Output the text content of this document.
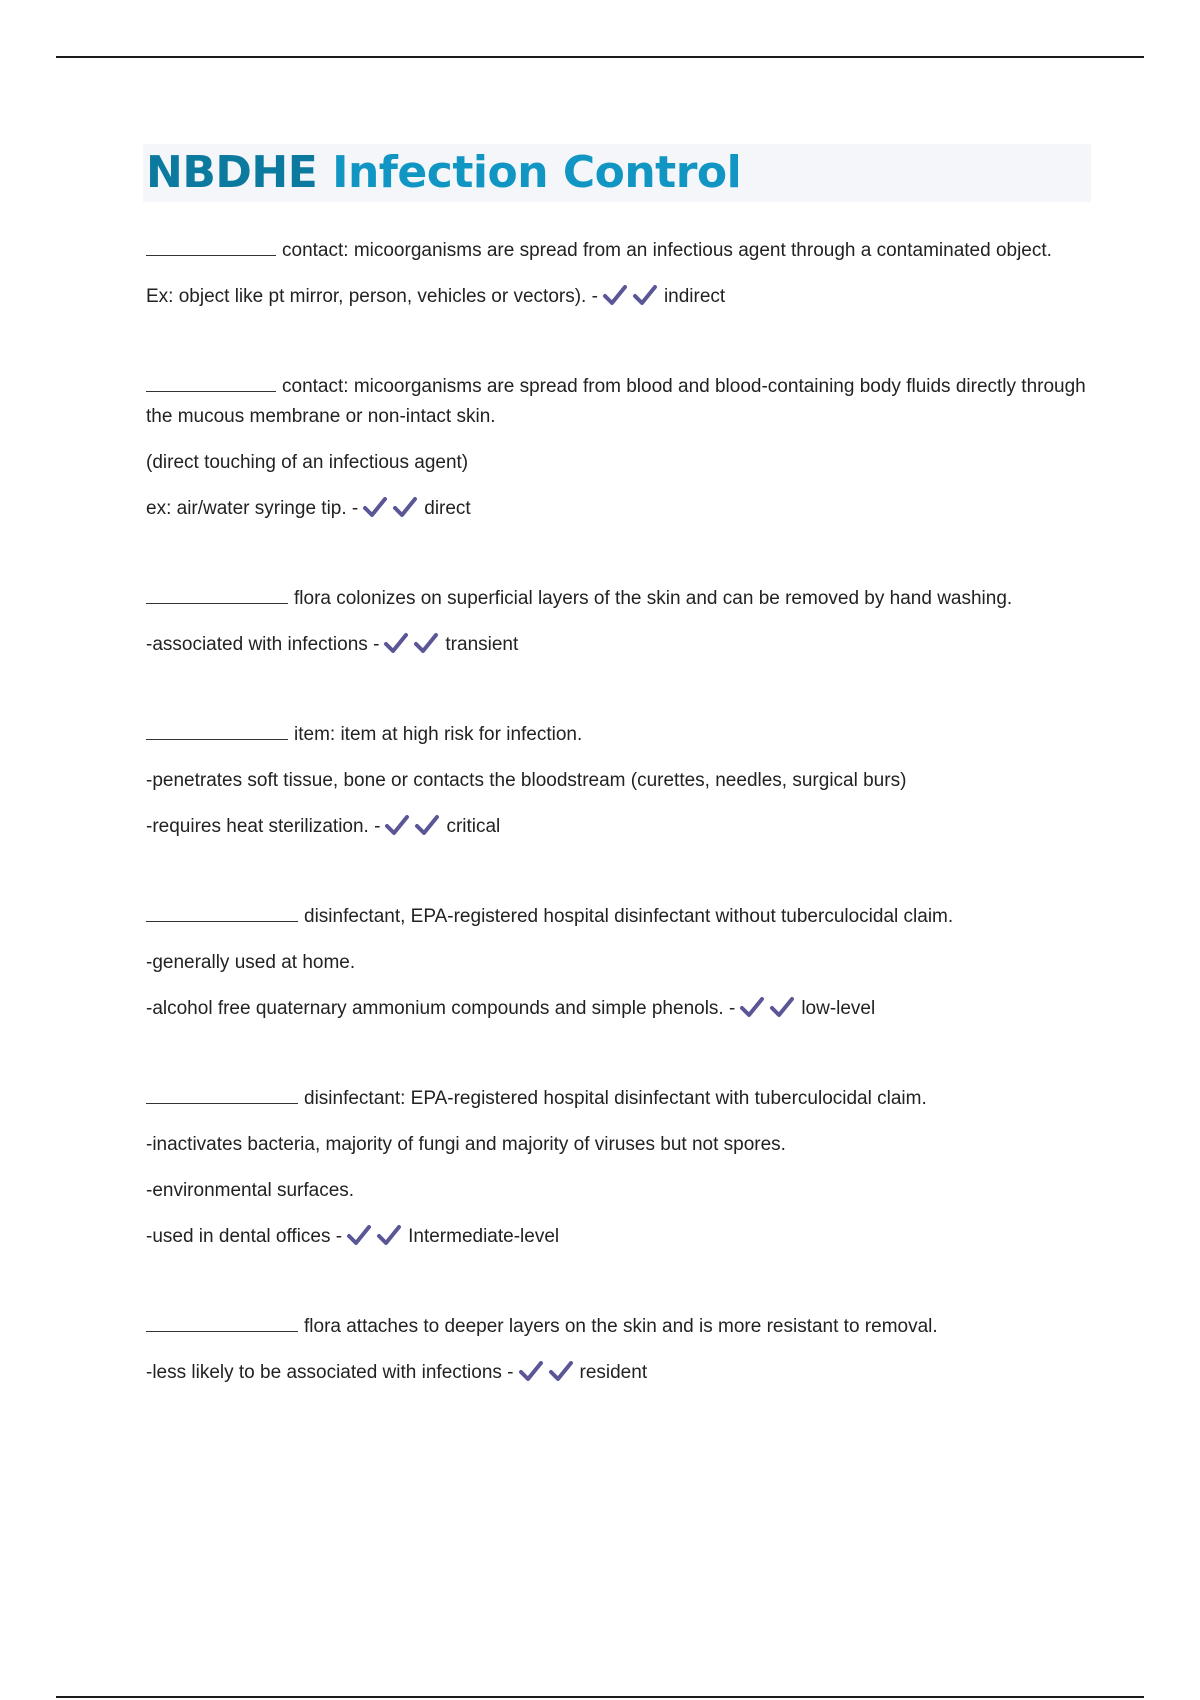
NBDHE Infection Control

contact: micoorganisms are spread from an infectious agent through a contaminated object.

Ex: object like pt mirror, person, vehicles or vectors). -	indirect

contact: micoorganisms are spread from blood and blood-containing body fluids directly through the mucous membrane or non-intact skin.

(direct touching of an infectious agent)

ex: air/water syringe tip. -	direct

flora colonizes on superficial layers of the skin and can be removed by hand washing.

-associated with infections -	transient

item: item at high risk for infection.

-penetrates soft tissue, bone or contacts the bloodstream (curettes, needles, surgical burs)

-requires heat sterilization. -	critical

disinfectant, EPA-registered hospital disinfectant without tuberculocidal claim.

-generally used at home.

-alcohol free quaternary ammonium compounds and simple phenols. -	low-level

disinfectant: EPA-registered hospital disinfectant with tuberculocidal claim.

-inactivates bacteria, majority of fungi and majority of viruses but not spores.

-environmental surfaces.

-used in dental offices -	Intermediate-level

flora attaches to deeper layers on the skin and is more resistant to removal.

-less likely to be associated with infections -	resident
